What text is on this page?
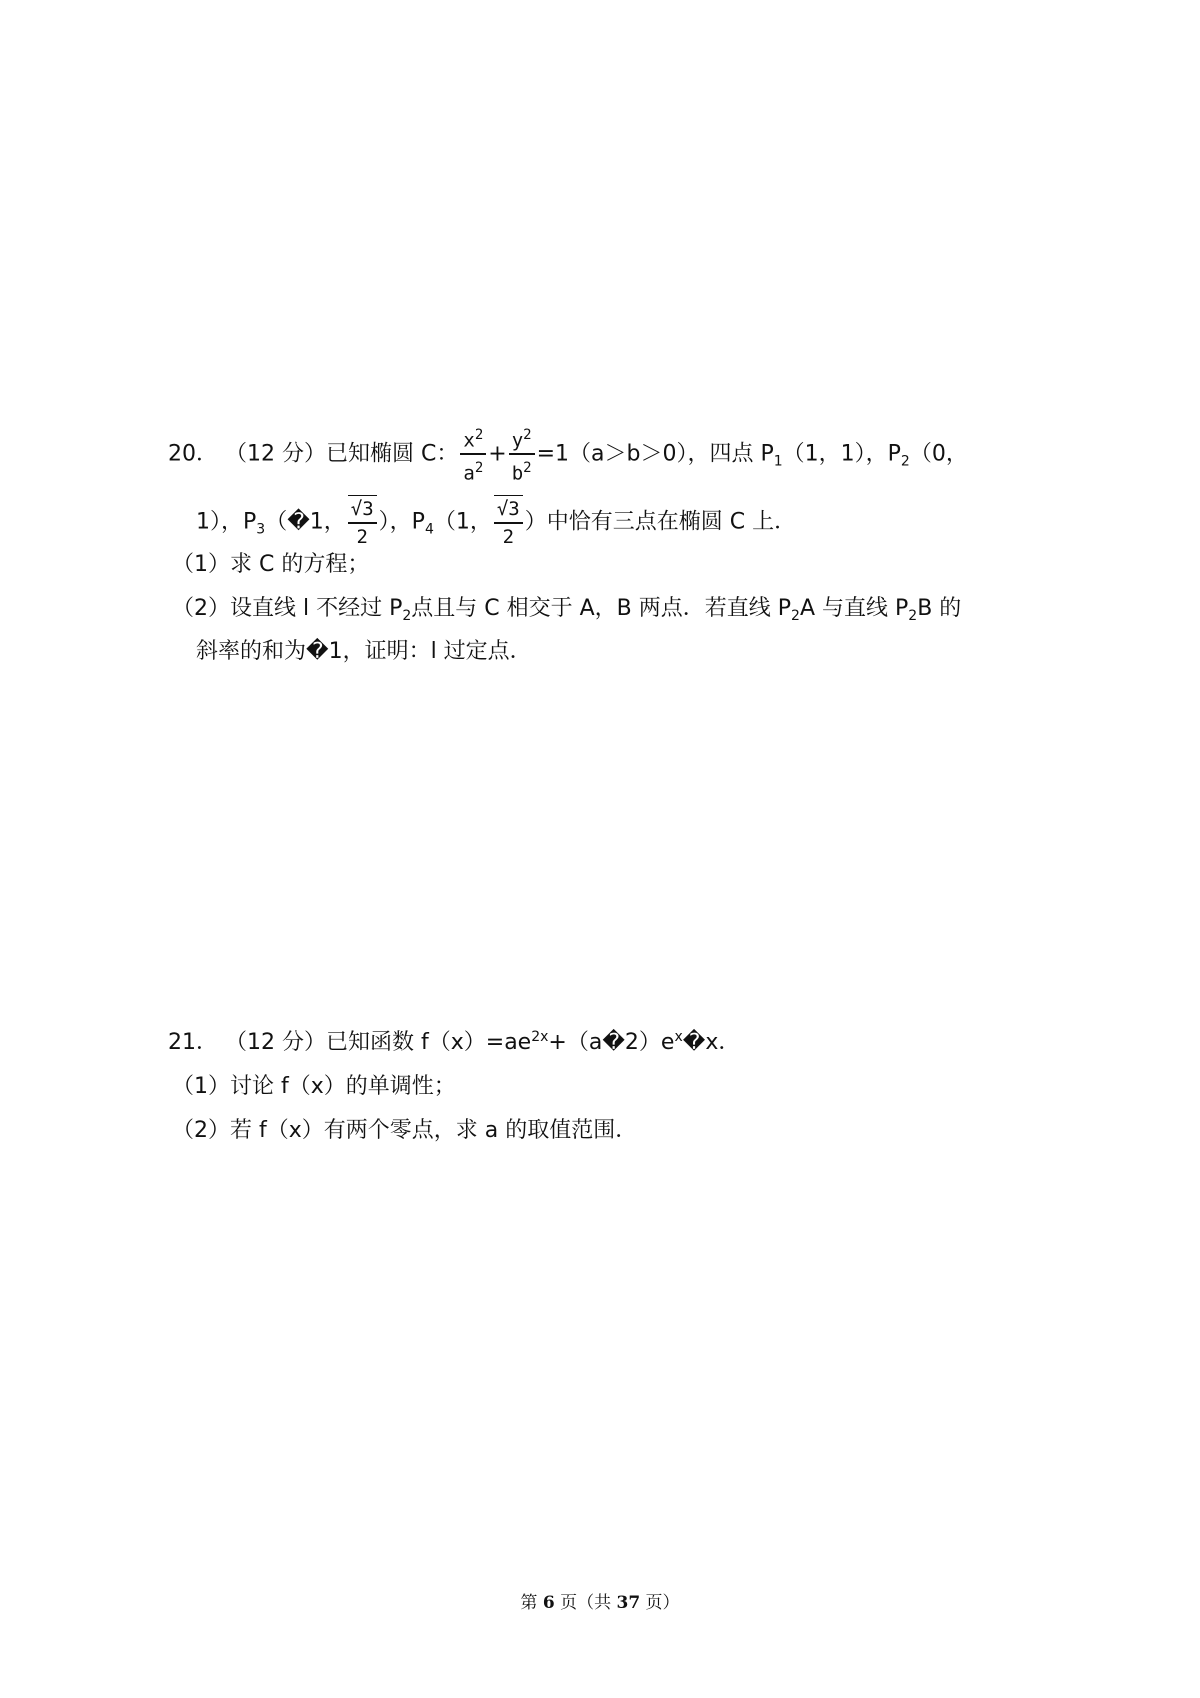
20． （12 分）已知椭圆 C： $\frac{x^2}{a^2} + \frac{y^2}{b^2} =1(a>b>0)$，四点 $P_1(1$，1），$P_2(0$，
1），$P_3(�1$， $\frac{√3}{2}$ ），$P_4(1$， $\frac{√3}{2}$ ）中恰有三点在椭圆 C 上．
（1）求 C 的方程；
（2）设直线 l 不经过 $P_2$点且与 C 相交于 A，B 两点．若直线 $P_2A$ 与直线 $P_2B$ 的
斜率的和为�1，证明：l 过定点．
21． （12 分）已知函数 $f(x)=ae^{2x}+(a�2)e^x�x$．
（1）讨论 f（x）的单调性；
（2）若 f（x）有两个零点，求 a 的取值范围．
第 6 页（共 37 页）
